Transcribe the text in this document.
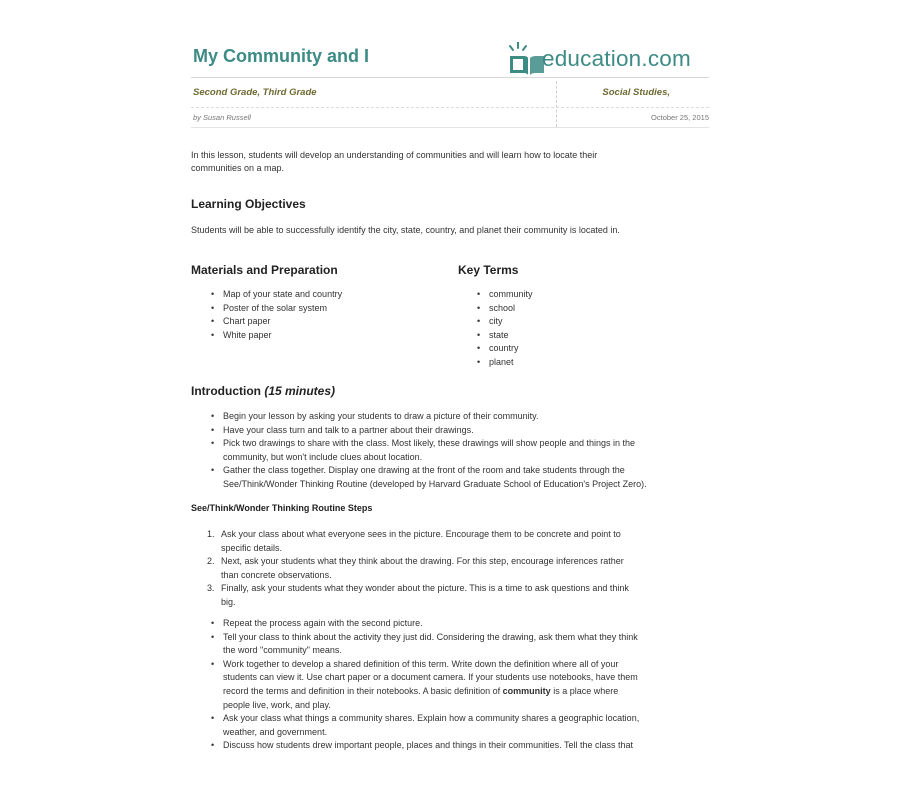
My Community and I	education.com
Second Grade, Third Grade	Social Studies,
by Susan Russell	October 25, 2015

In this lesson, students will develop an understanding of communities and will learn how to locate their
communities on a map.

Learning Objectives

Students will be able to successfully identify the city, state, country, and planet their community is located in.

Materials and Preparation
• Map of your state and country
• Poster of the solar system
• Chart paper
• White paper
Key Terms
• community
• school
• city
• state
• country
• planet
Introduction (15 minutes)
• Begin your lesson by asking your students to draw a picture of their community.
• Have your class turn and talk to a partner about their drawings.
• Pick two drawings to share with the class. Most likely, these drawings will show people and things in the
community, but won't include clues about location.
• Gather the class together. Display one drawing at the front of the room and take students through the
See/Think/Wonder Thinking Routine (developed by Harvard Graduate School of Education's Project Zero).
See/Think/Wonder Thinking Routine Steps
1. Ask your class about what everyone sees in the picture. Encourage them to be concrete and point to
specific details.
2. Next, ask your students what they think about the drawing. For this step, encourage inferences rather
than concrete observations.
3. Finally, ask your students what they wonder about the picture. This is a time to ask questions and think
big.
• Repeat the process again with the second picture.
• Tell your class to think about the activity they just did. Considering the drawing, ask them what they think
the word "community" means.
• Work together to develop a shared definition of this term. Write down the definition where all of your
students can view it. Use chart paper or a document camera. If your students use notebooks, have them
record the terms and definition in their notebooks. A basic definition of community is a place where
people live, work, and play.
• Ask your class what things a community shares. Explain how a community shares a geographic location,
weather, and government.
• Discuss how students drew important people, places and things in their communities. Tell the class that
